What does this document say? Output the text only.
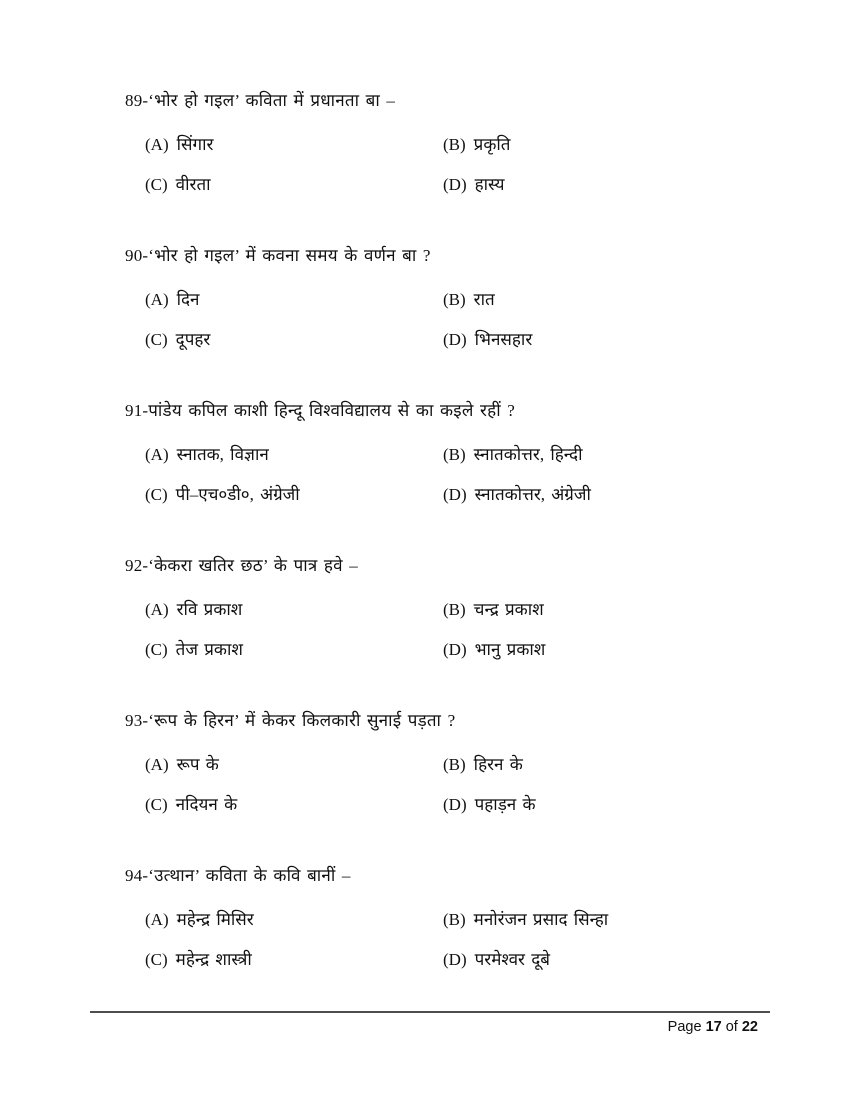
89-‘भोर हो गइल’ कविता में प्रधानता बा –

(A) सिंगार	(B) प्रकृति
(C) वीरता	(D) हास्य

90-‘भोर हो गइल’ में कवना समय के वर्णन बा ?

(A) दिन	(B) रात
(C) दूपहर	(D) भिनसहार

91-पांडेय कपिल काशी हिन्दू विश्वविद्यालय से का कइले रहीं ?

(A) स्नातक, विज्ञान	(B) स्नातकोत्तर, हिन्दी
(C) पी–एच०डी०, अंग्रेजी	(D) स्नातकोत्तर, अंग्रेजी

92-‘केकरा खतिर छठ’ के पात्र हवे –

(A) रवि प्रकाश	(B) चन्द्र प्रकाश
(C) तेज प्रकाश	(D) भानु प्रकाश

93-‘रूप के हिरन’ में केकर किलकारी सुनाई पड़ता ?

(A) रूप के	(B) हिरन के
(C) नदियन के	(D) पहाड़न के

94-‘उत्थान’ कविता के कवि बानीं –

(A) महेन्द्र मिसिर	(B) मनोरंजन प्रसाद सिन्हा
(C) महेन्द्र शास्त्री	(D) परमेश्वर दूबे
Page 17 of 22
